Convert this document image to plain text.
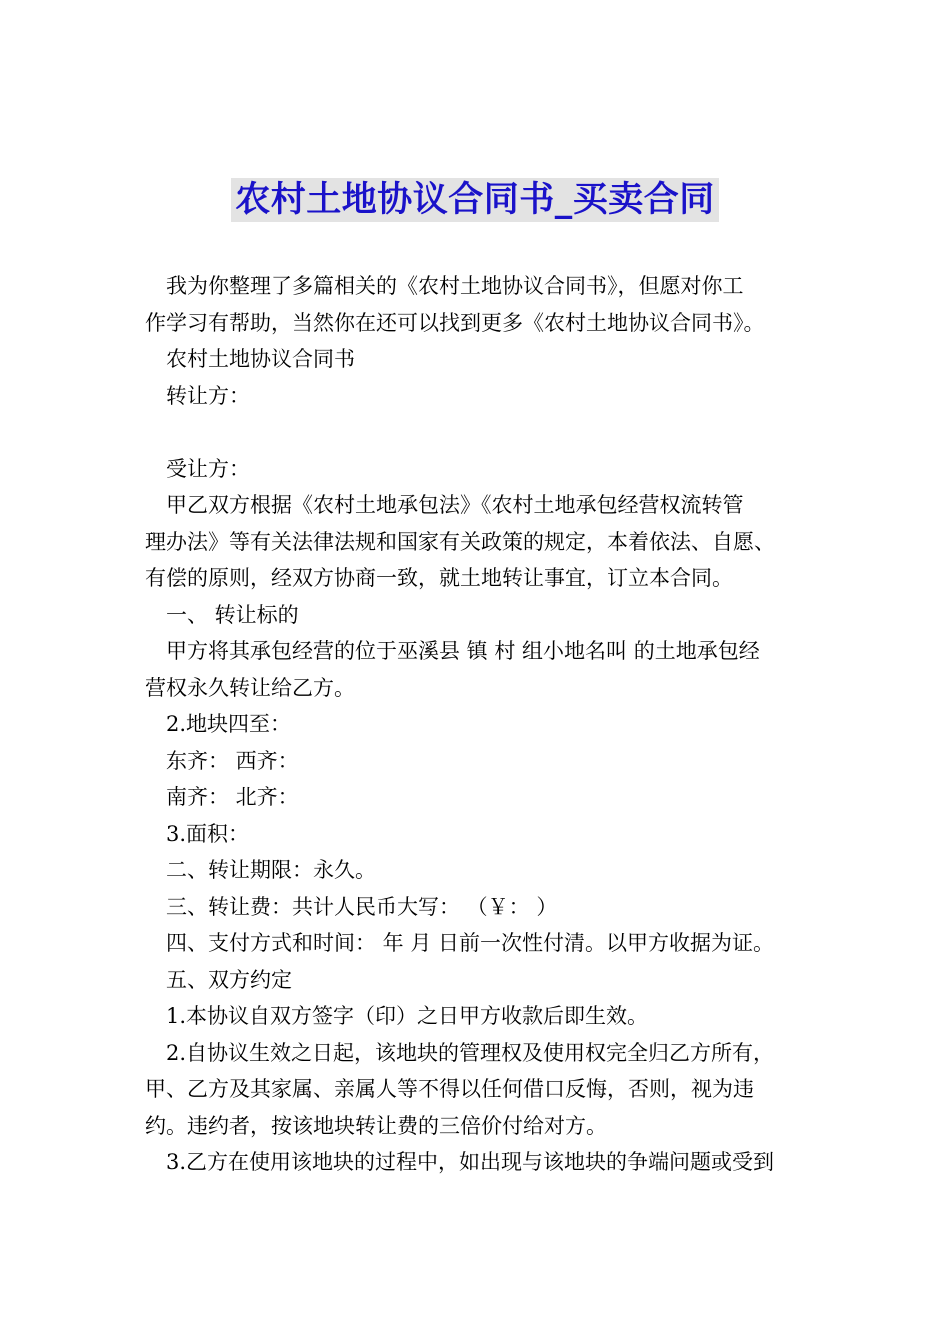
农村土地协议合同书_买卖合同

我为你整理了多篇相关的《农村土地协议合同书》，但愿对你工

作学习有帮助，当然你在还可以找到更多《农村土地协议合同书》。

农村土地协议合同书

转让方：

受让方：

甲乙双方根据《农村土地承包法》《农村土地承包经营权流转管

理办法》等有关法律法规和国家有关政策的规定，本着依法、自愿、

有偿的原则，经双方协商一致，就土地转让事宜，订立本合同。

一、 转让标的

甲方将其承包经营的位于巫溪县 镇 村 组小地名叫 的土地承包经

营权永久转让给乙方。

2.地块四至：

东齐： 西齐：

南齐： 北齐：

3.面积：

二、转让期限：永久。

三、转让费：共计人民币大写： （￥： ）

四、支付方式和时间： 年 月 日前一次性付清。以甲方收据为证。

五、双方约定

1.本协议自双方签字（印）之日甲方收款后即生效。

2.自协议生效之日起，该地块的管理权及使用权完全归乙方所有，

甲、乙方及其家属、亲属人等不得以任何借口反悔，否则，视为违

约。违约者，按该地块转让费的三倍价付给对方。

3.乙方在使用该地块的过程中，如出现与该地块的争端问题或受到
